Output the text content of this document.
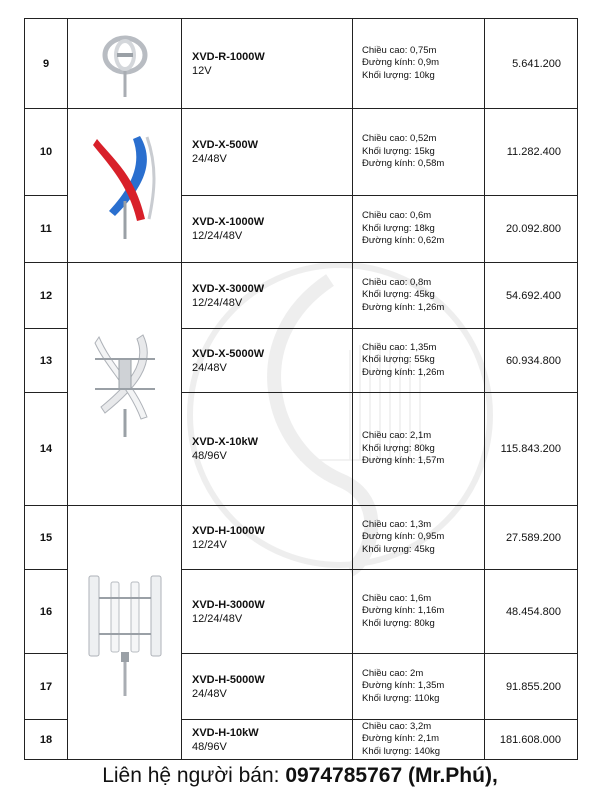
9		XVD-R-1000W
12V	Chiều cao: 0,75m
Đường kính: 0,9m
Khối lượng: 10kg	5.641.200
10		XVD-X-500W
24/48V	Chiều cao: 0,52m
Khối lượng: 15kg
Đường kính: 0,58m	11.282.400
11		XVD-X-1000W
12/24/48V	Chiều cao: 0,6m
Khối lượng: 18kg
Đường kính: 0,62m	20.092.800
12		XVD-X-3000W
12/24/48V	Chiều cao: 0,8m
Khối lượng: 45kg
Đường kính: 1,26m	54.692.400
13		XVD-X-5000W
24/48V	Chiều cao: 1,35m
Khối lượng: 55kg
Đường kính: 1,26m	60.934.800
14		XVD-X-10kW
48/96V	Chiều cao: 2,1m
Khối lượng: 80kg
Đường kính: 1,57m	115.843.200
15		XVD-H-1000W
12/24V	Chiều cao: 1,3m
Đường kính: 0,95m
Khối lượng: 45kg	27.589.200
16		XVD-H-3000W
12/24/48V	Chiều cao: 1,6m
Đường kính: 1,16m
Khối lượng: 80kg	48.454.800
17		XVD-H-5000W
24/48V	Chiều cao: 2m
Đường kính: 1,35m
Khối lượng: 110kg	91.855.200
18		XVD-H-10kW
48/96V	Chiều cao: 3,2m
Đường kính: 2,1m
Khối lượng: 140kg	181.608.000
Liên hệ người bán: 0974785767 (Mr.Phú),
